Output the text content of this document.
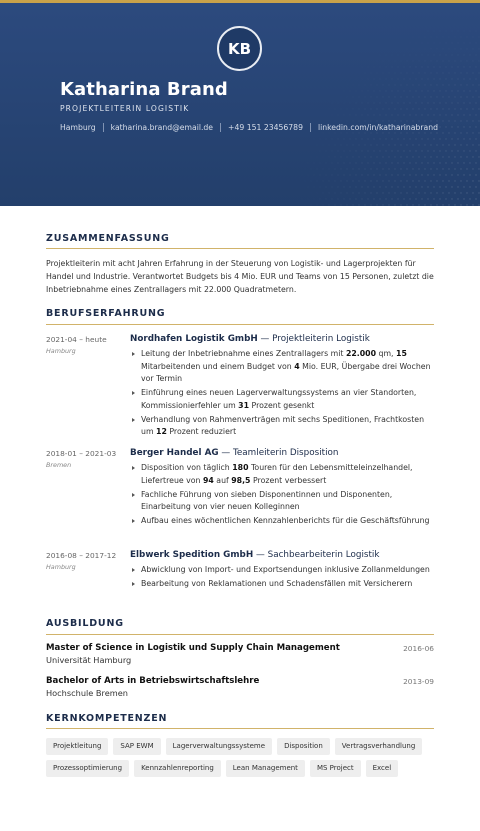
KB
Katharina Brand
PROJEKTLEITERIN LOGISTIK
Hamburg katharina.brand@email.de +49 151 23456789 linkedin.com/in/katharinabrand
ZUSAMMENFASSUNG
Projektleiterin mit acht Jahren Erfahrung in der Steuerung von Logistik- und Lagerprojekten für Handel und Industrie. Verantwortet Budgets bis 4 Mio. EUR und Teams von 15 Personen, zuletzt die Inbetriebnahme eines Zentrallagers mit 22.000 Quadratmetern.
BERUFSERFAHRUNG
2021-04 – heute
Hamburg
Nordhafen Logistik GmbH — Projektleiterin Logistik
Leitung der Inbetriebnahme eines Zentrallagers mit 22.000 qm, 15 Mitarbeitenden und einem Budget von 4 Mio. EUR, Übergabe drei Wochen vor Termin
Einführung eines neuen Lagerverwaltungssystems an vier Standorten, Kommissionierfehler um 31 Prozent gesenkt
Verhandlung von Rahmenverträgen mit sechs Speditionen, Frachtkosten um 12 Prozent reduziert
2018-01 – 2021-03
Bremen
Berger Handel AG — Teamleiterin Disposition
Disposition von täglich 180 Touren für den Lebensmitteleinzelhandel, Liefertreue von 94 auf 98,5 Prozent verbessert
Fachliche Führung von sieben Disponentinnen und Disponenten, Einarbeitung von vier neuen Kolleginnen
Aufbau eines wöchentlichen Kennzahlenberichts für die Geschäftsführung
2016-08 – 2017-12
Hamburg
Elbwerk Spedition GmbH — Sachbearbeiterin Logistik
Abwicklung von Import- und Exportsendungen inklusive Zollanmeldungen
Bearbeitung von Reklamationen und Schadensfällen mit Versicherern
AUSBILDUNG
Master of Science in Logistik und Supply Chain Management	2016-06
Universität Hamburg
Bachelor of Arts in Betriebswirtschaftslehre	2013-09
Hochschule Bremen
KERNKOMPETENZEN
Projektleitung	SAP EWM	Lagerverwaltungssysteme	Disposition	Vertragsverhandlung
Prozessoptimierung	Kennzahlenreporting	Lean Management	MS Project	Excel
